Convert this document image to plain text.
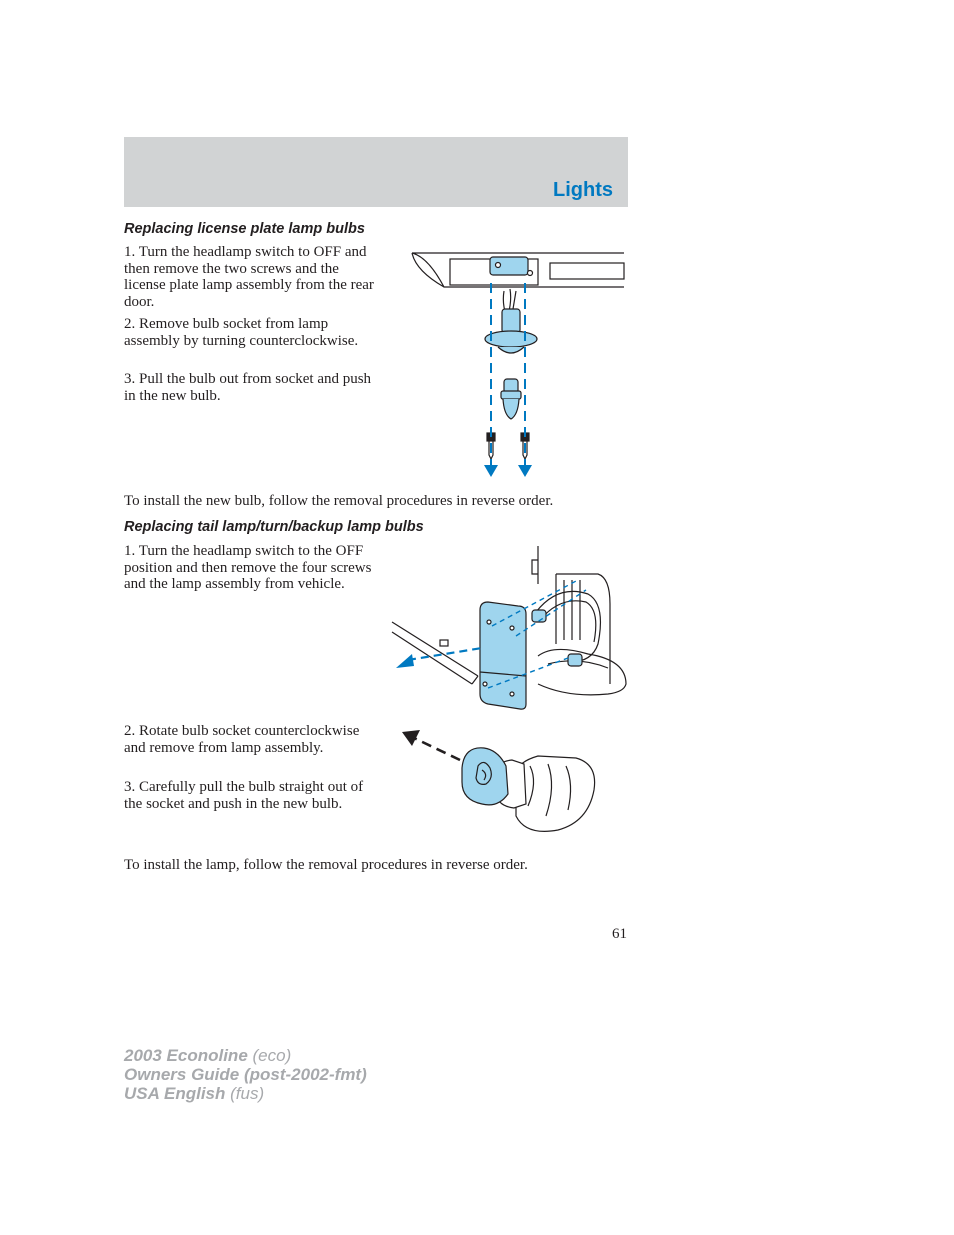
Lights
Replacing license plate lamp bulbs

1. Turn the headlamp switch to OFF and then remove the two screws and the license plate lamp assembly from the rear door.

2. Remove bulb socket from lamp assembly by turning counterclockwise.

3. Pull the bulb out from socket and push in the new bulb.

To install the new bulb, follow the removal procedures in reverse order.

Replacing tail lamp/turn/backup lamp bulbs

1. Turn the headlamp switch to the OFF position and then remove the four screws and the lamp assembly from vehicle.

2. Rotate bulb socket counterclockwise and remove from lamp assembly.

3. Carefully pull the bulb straight out of the socket and push in the new bulb.

To install the lamp, follow the removal procedures in reverse order.

61
2003 Econoline (eco)
Owners Guide (post-2002-fmt)
USA English (fus)
